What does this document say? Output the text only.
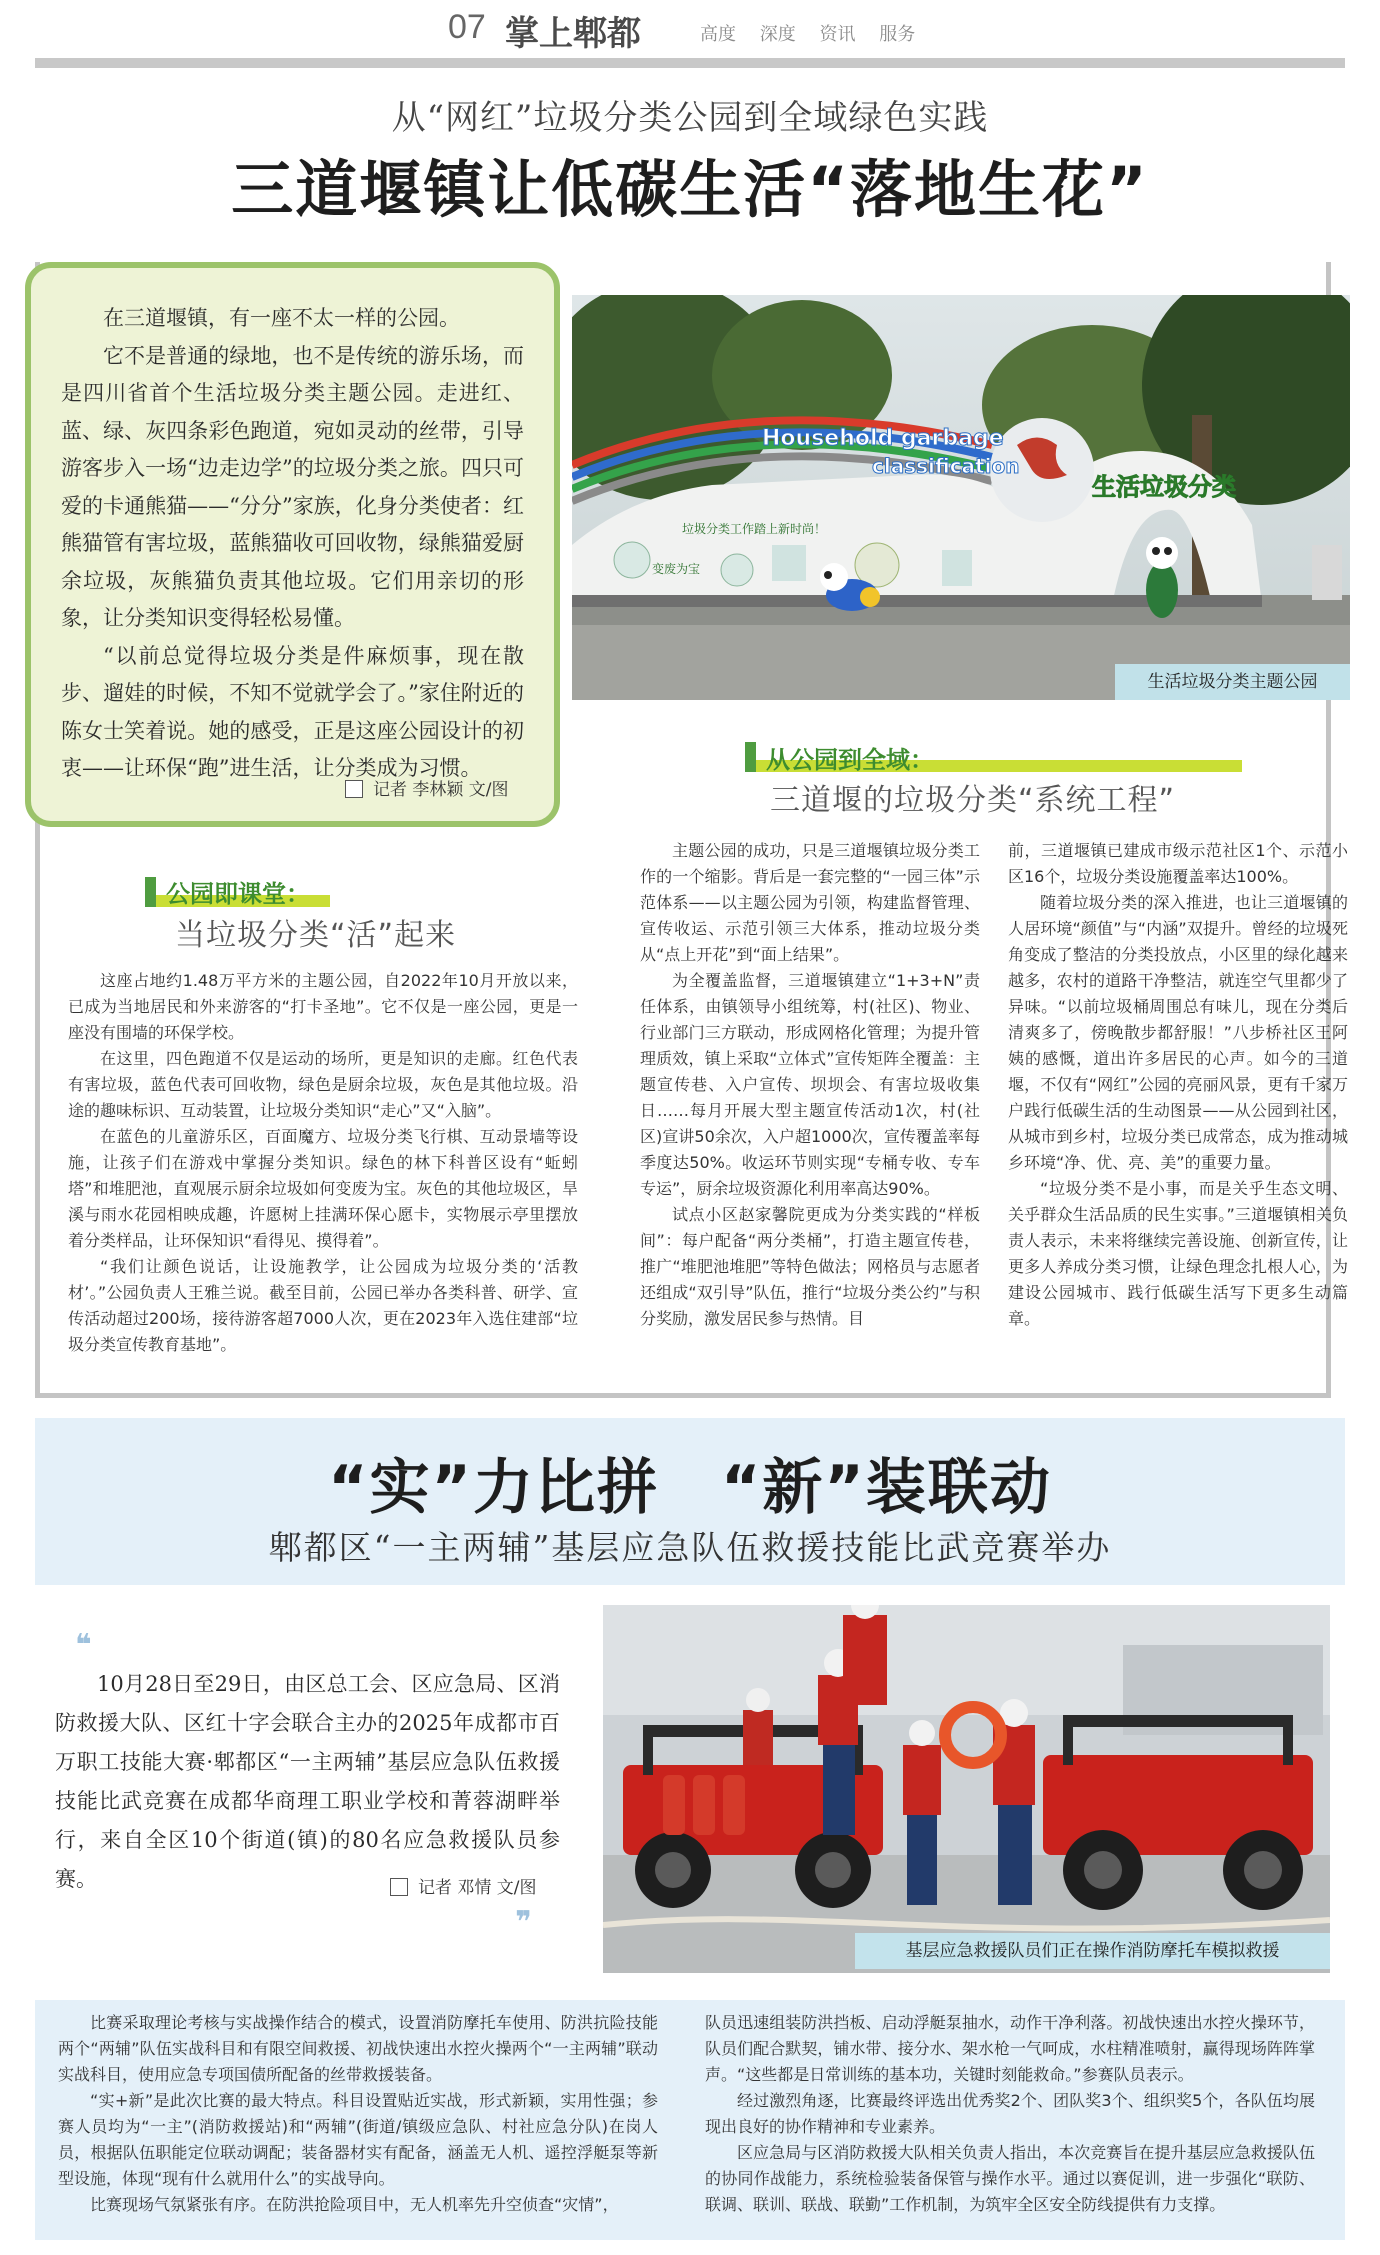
07 掌上郫都	高度 深度 资讯 服务
从“网红”垃圾分类公园到全域绿色实践
三道堰镇让低碳生活“落地生花”

在三道堰镇，有一座不太一样的公园。

它不是普通的绿地，也不是传统的游乐场，而是四川省首个生活垃圾分类主题公园。走进红、蓝、绿、灰四条彩色跑道，宛如灵动的丝带，引导游客步入一场“边走边学”的垃圾分类之旅。四只可爱的卡通熊猫——“分分”家族，化身分类使者：红熊猫管有害垃圾，蓝熊猫收可回收物，绿熊猫爱厨余垃圾，灰熊猫负责其他垃圾。它们用亲切的形象，让分类知识变得轻松易懂。

“以前总觉得垃圾分类是件麻烦事，现在散步、遛娃的时候，不知不觉就学会了。”家住附近的陈女士笑着说。她的感受，正是这座公园设计的初衷——让环保“跑”进生活，让分类成为习惯。

记者 李林颖 文/图
Household garbage
classification
生活垃圾分类
垃圾分类工作踏上新时尚！
变废为宝
生活垃圾分类主题公园
公园即课堂：
当垃圾分类“活”起来
从公园到全域：
三道堰的垃圾分类“系统工程”

这座占地约1.48万平方米的主题公园，自2022年10月开放以来，已成为当地居民和外来游客的“打卡圣地”。它不仅是一座公园，更是一座没有围墙的环保学校。

在这里，四色跑道不仅是运动的场所，更是知识的走廊。红色代表有害垃圾，蓝色代表可回收物，绿色是厨余垃圾，灰色是其他垃圾。沿途的趣味标识、互动装置，让垃圾分类知识“走心”又“入脑”。

在蓝色的儿童游乐区，百面魔方、垃圾分类飞行棋、互动景墙等设施，让孩子们在游戏中掌握分类知识。绿色的林下科普区设有“蚯蚓塔”和堆肥池，直观展示厨余垃圾如何变废为宝。灰色的其他垃圾区，旱溪与雨水花园相映成趣，许愿树上挂满环保心愿卡，实物展示亭里摆放着分类样品，让环保知识“看得见、摸得着”。

“我们让颜色说话，让设施教学，让公园成为垃圾分类的‘活教材’。”公园负责人王雅兰说。截至目前，公园已举办各类科普、研学、宣传活动超过200场，接待游客超7000人次，更在2023年入选住建部“垃圾分类宣传教育基地”。

主题公园的成功，只是三道堰镇垃圾分类工作的一个缩影。背后是一套完整的“一园三体”示范体系——以主题公园为引领，构建监督管理、宣传收运、示范引领三大体系，推动垃圾分类从“点上开花”到“面上结果”。

为全覆盖监督，三道堰镇建立“1+3+N”责任体系，由镇领导小组统筹，村(社区)、物业、行业部门三方联动，形成网格化管理；为提升管理质效，镇上采取“立体式”宣传矩阵全覆盖：主题宣传巷、入户宣传、坝坝会、有害垃圾收集日……每月开展大型主题宣传活动1次，村(社区)宣讲50余次，入户超1000次，宣传覆盖率每季度达50%。收运环节则实现“专桶专收、专车专运”，厨余垃圾资源化利用率高达90%。

试点小区赵家馨院更成为分类实践的“样板间”：每户配备“两分类桶”，打造主题宣传巷，推广“堆肥池堆肥”等特色做法；网格员与志愿者还组成“双引导”队伍，推行“垃圾分类公约”与积分奖励，激发居民参与热情。目

前，三道堰镇已建成市级示范社区1个、示范小区16个，垃圾分类设施覆盖率达100%。

随着垃圾分类的深入推进，也让三道堰镇的人居环境“颜值”与“内涵”双提升。曾经的垃圾死角变成了整洁的分类投放点，小区里的绿化越来越多，农村的道路干净整洁，就连空气里都少了异味。“以前垃圾桶周围总有味儿，现在分类后清爽多了，傍晚散步都舒服！”八步桥社区王阿姨的感慨，道出许多居民的心声。如今的三道堰，不仅有“网红”公园的亮丽风景，更有千家万户践行低碳生活的生动图景——从公园到社区，从城市到乡村，垃圾分类已成常态，成为推动城乡环境“净、优、亮、美”的重要力量。

“垃圾分类不是小事，而是关乎生态文明、关乎群众生活品质的民生实事。”三道堰镇相关负责人表示，未来将继续完善设施、创新宣传，让更多人养成分类习惯，让绿色理念扎根人心，为建设公园城市、践行低碳生活写下更多生动篇章。

“实”力比拼　“新”装联动
郫都区“一主两辅”基层应急队伍救援技能比武竞赛举办
❛❛

10月28日至29日，由区总工会、区应急局、区消防救援大队、区红十字会联合主办的2025年成都市百万职工技能大赛·郫都区“一主两辅”基层应急队伍救援技能比武竞赛在成都华商理工职业学校和菁蓉湖畔举行，来自全区10个街道(镇)的80名应急救援队员参赛。	记者 邓情 文/图
❜❜
基层应急救援队员们正在操作消防摩托车模拟救援

比赛采取理论考核与实战操作结合的模式，设置消防摩托车使用、防洪抗险技能两个“两辅”队伍实战科目和有限空间救援、初战快速出水控火操两个“一主两辅”联动实战科目，使用应急专项国债所配备的丝带救援装备。

“实+新”是此次比赛的最大特点。科目设置贴近实战，形式新颖，实用性强；参赛人员均为“一主”(消防救援站)和“两辅”(街道/镇级应急队、村社应急分队)在岗人员，根据队伍职能定位联动调配；装备器材实有配备，涵盖无人机、遥控浮艇泵等新型设施，体现“现有什么就用什么”的实战导向。

比赛现场气氛紧张有序。在防洪抢险项目中，无人机率先升空侦查“灾情”，

队员迅速组装防洪挡板、启动浮艇泵抽水，动作干净利落。初战快速出水控火操环节，队员们配合默契，铺水带、接分水、架水枪一气呵成，水柱精准喷射，赢得现场阵阵掌声。“这些都是日常训练的基本功，关键时刻能救命。”参赛队员表示。

经过激烈角逐，比赛最终评选出优秀奖2个、团队奖3个、组织奖5个，各队伍均展现出良好的协作精神和专业素养。

区应急局与区消防救援大队相关负责人指出，本次竞赛旨在提升基层应急救援队伍的协同作战能力，系统检验装备保管与操作水平。通过以赛促训，进一步强化“联防、联调、联训、联战、联勤”工作机制，为筑牢全区安全防线提供有力支撑。
